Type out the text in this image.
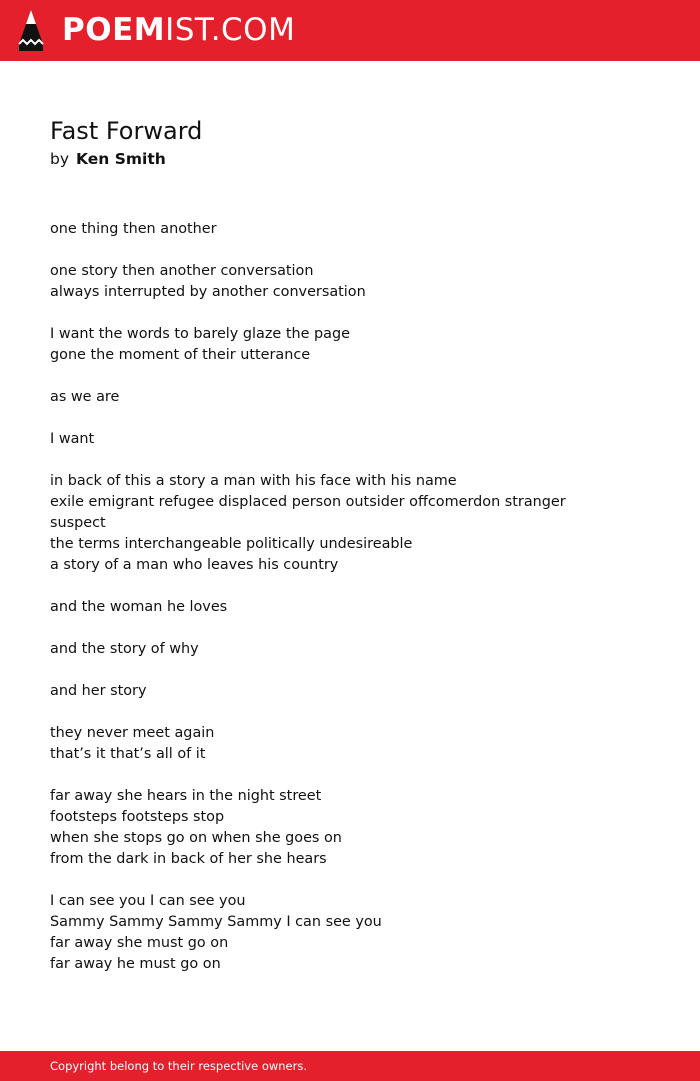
POEMIST.COM
Fast Forward
by Ken Smith
one thing then another
one story then another conversation
always interrupted by another conversation
I want the words to barely glaze the page
gone the moment of their utterance
as we are
I want
in back of this a story a man with his face with his name
exile emigrant refugee displaced person outsider offcomerdon stranger
suspect
the terms interchangeable politically undesireable
a story of a man who leaves his country
and the woman he loves
and the story of why
and her story
they never meet again
that’s it that’s all of it
far away she hears in the night street
footsteps footsteps stop
when she stops go on when she goes on
from the dark in back of her she hears
I can see you I can see you
Sammy Sammy Sammy Sammy I can see you
far away she must go on
far away he must go on
Copyright belong to their respective owners.
